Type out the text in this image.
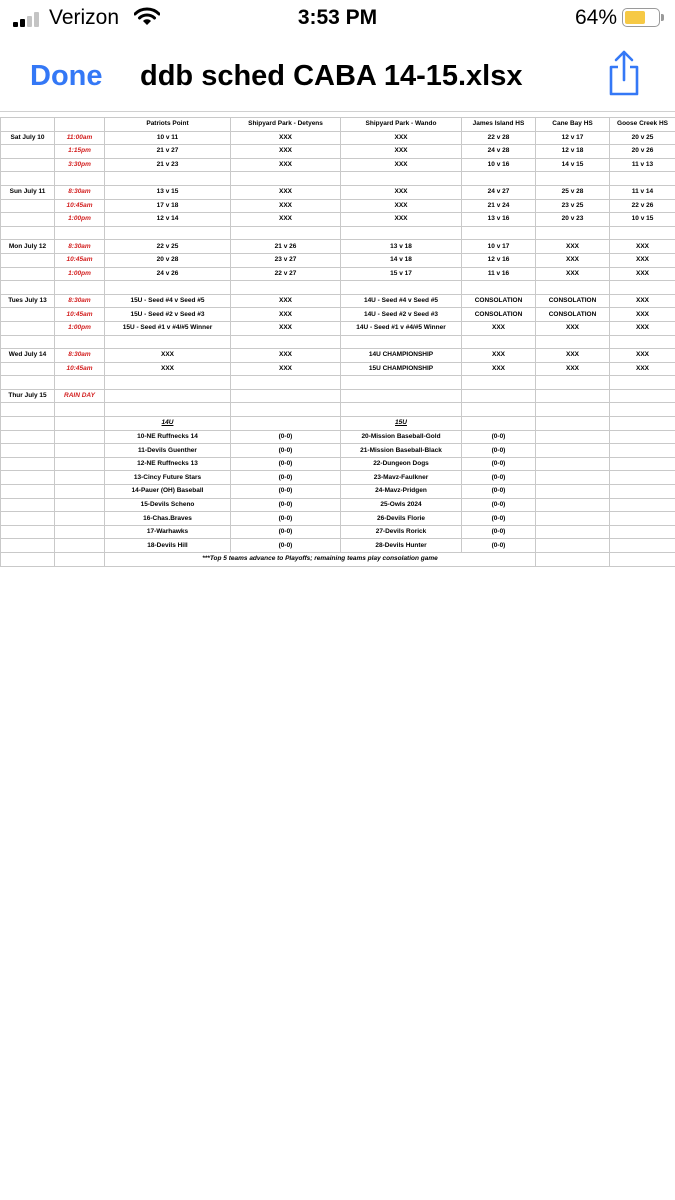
Verizon	3:53 PM	64%
Done ddb sched CABA 14-15.xlsx
		Patriots Point	Shipyard Park - Detyens	Shipyard Park - Wando	James Island HS	Cane Bay HS	Goose Creek HS
Sat July 10	11:00am	10 v 11	XXX	XXX	22 v 28	12 v 17	20 v 25
	1:15pm	21 v 27	XXX	XXX	24 v 28	12 v 18	20 v 26
	3:30pm	21 v 23	XXX	XXX	10 v 16	14 v 15	11 v 13

Sun July 11	8:30am	13 v 15	XXX	XXX	24 v 27	25 v 28	11 v 14
	10:45am	17 v 18	XXX	XXX	21 v 24	23 v 25	22 v 26
	1:00pm	12 v 14	XXX	XXX	13 v 16	20 v 23	10 v 15

Mon July 12	8:30am	22 v 25	21 v 26	13 v 18	10 v 17	XXX	XXX
	10:45am	20 v 28	23 v 27	14 v 18	12 v 16	XXX	XXX
	1:00pm	24 v 26	22 v 27	15 v 17	11 v 16	XXX	XXX

Tues July 13	8:30am	15U - Seed #4 v Seed #5	XXX	14U - Seed #4 v Seed #5	CONSOLATION	CONSOLATION	XXX
	10:45am	15U - Seed #2 v Seed #3	XXX	14U - Seed #2 v Seed #3	CONSOLATION	CONSOLATION	XXX
	1:00pm	15U - Seed #1 v #4/#5 Winner	XXX	14U - Seed #1 v #4/#5 Winner	XXX	XXX	XXX

Wed July 14	8:30am	XXX	XXX	14U CHAMPIONSHIP	XXX	XXX	XXX
	10:45am	XXX	XXX	15U CHAMPIONSHIP	XXX	XXX	XXX

Thur July 15	RAIN DAY						

		14U		15U			
		10-NE Ruffnecks 14	(0-0)	20-Mission Baseball-Gold	(0-0)		
		11-Devils Guenther	(0-0)	21-Mission Baseball-Black	(0-0)		
		12-NE Ruffnecks 13	(0-0)	22-Dungeon Dogs	(0-0)		
		13-Cincy Future Stars	(0-0)	23-Mavz-Faulkner	(0-0)		
		14-Pauer (OH) Baseball	(0-0)	24-Mavz-Pridgen	(0-0)		
		15-Devils Scheno	(0-0)	25-Owls 2024	(0-0)		
		16-Chas.Braves	(0-0)	26-Devils Florie	(0-0)		
		17-Warhawks	(0-0)	27-Devils Rorick	(0-0)		
		18-Devils Hill	(0-0)	28-Devils Hunter	(0-0)		
		***Top 5 teams advance to Playoffs; remaining teams play consolation game					
